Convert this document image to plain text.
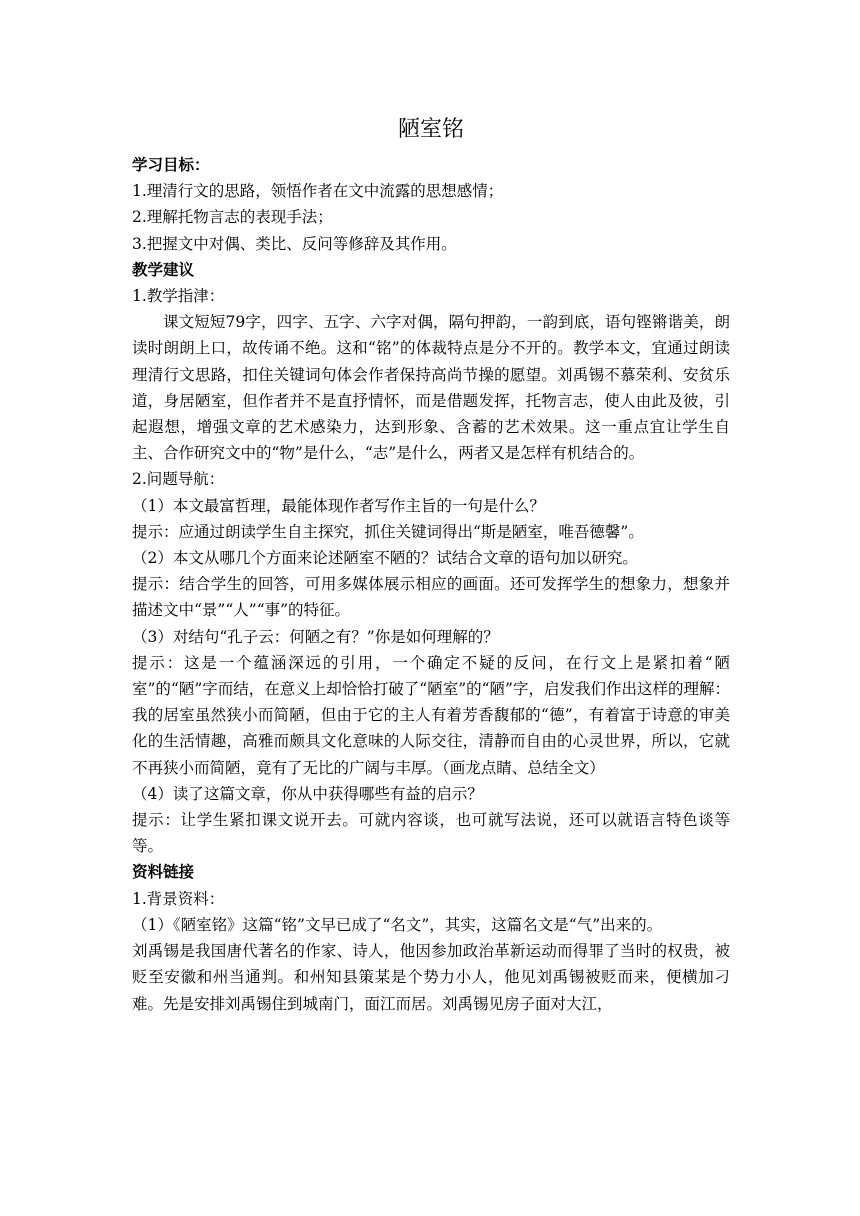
陋室铭
学习目标：

1.理清行文的思路，领悟作者在文中流露的思想感情；

2.理解托物言志的表现手法；

3.把握文中对偶、类比、反问等修辞及其作用。

教学建议

1.教学指津：

课文短短79字，四字、五字、六字对偶，隔句押韵，一韵到底，语句铿锵谐美，朗读时朗朗上口，故传诵不绝。这和“铭”的体裁特点是分不开的。教学本文，宜通过朗读理清行文思路，扣住关键词句体会作者保持高尚节操的愿望。刘禹锡不慕荣利、安贫乐道，身居陋室，但作者并不是直抒情怀，而是借题发挥，托物言志，使人由此及彼，引起遐想，增强文章的艺术感染力，达到形象、含蓄的艺术效果。这一重点宜让学生自主、合作研究文中的“物”是什么，“志”是什么，两者又是怎样有机结合的。

2.问题导航：

（1）本文最富哲理，最能体现作者写作主旨的一句是什么？

提示：应通过朗读学生自主探究，抓住关键词得出“斯是陋室，唯吾德馨”。

（2）本文从哪几个方面来论述陋室不陋的？试结合文章的语句加以研究。

提示：结合学生的回答，可用多媒体展示相应的画面。还可发挥学生的想象力，想象并描述文中“景”“人”“事”的特征。

（3）对结句“孔子云：何陋之有？”你是如何理解的？

提示：这是一个蕴涵深远的引用，一个确定不疑的反问，在行文上是紧扣着“陋室”的“陋”字而结，在意义上却恰恰打破了“陋室”的“陋”字，启发我们作出这样的理解：我的居室虽然狭小而简陋，但由于它的主人有着芳香馥郁的“德”，有着富于诗意的审美化的生活情趣，高雅而颇具文化意味的人际交往，清静而自由的心灵世界，所以，它就不再狭小而简陋，竟有了无比的广阔与丰厚。（画龙点睛、总结全文）

（4）读了这篇文章，你从中获得哪些有益的启示？

提示：让学生紧扣课文说开去。可就内容谈，也可就写法说，还可以就语言特色谈等等。

资料链接

1.背景资料：

（1）《陋室铭》这篇“铭”文早已成了“名文”，其实，这篇名文是“气”出来的。

刘禹锡是我国唐代著名的作家、诗人，他因参加政治革新运动而得罪了当时的权贵，被贬至安徽和州当通判。和州知县策某是个势力小人，他见刘禹锡被贬而来，便横加刁难。先是安排刘禹锡住到城南门，面江而居。刘禹锡见房子面对大江，
